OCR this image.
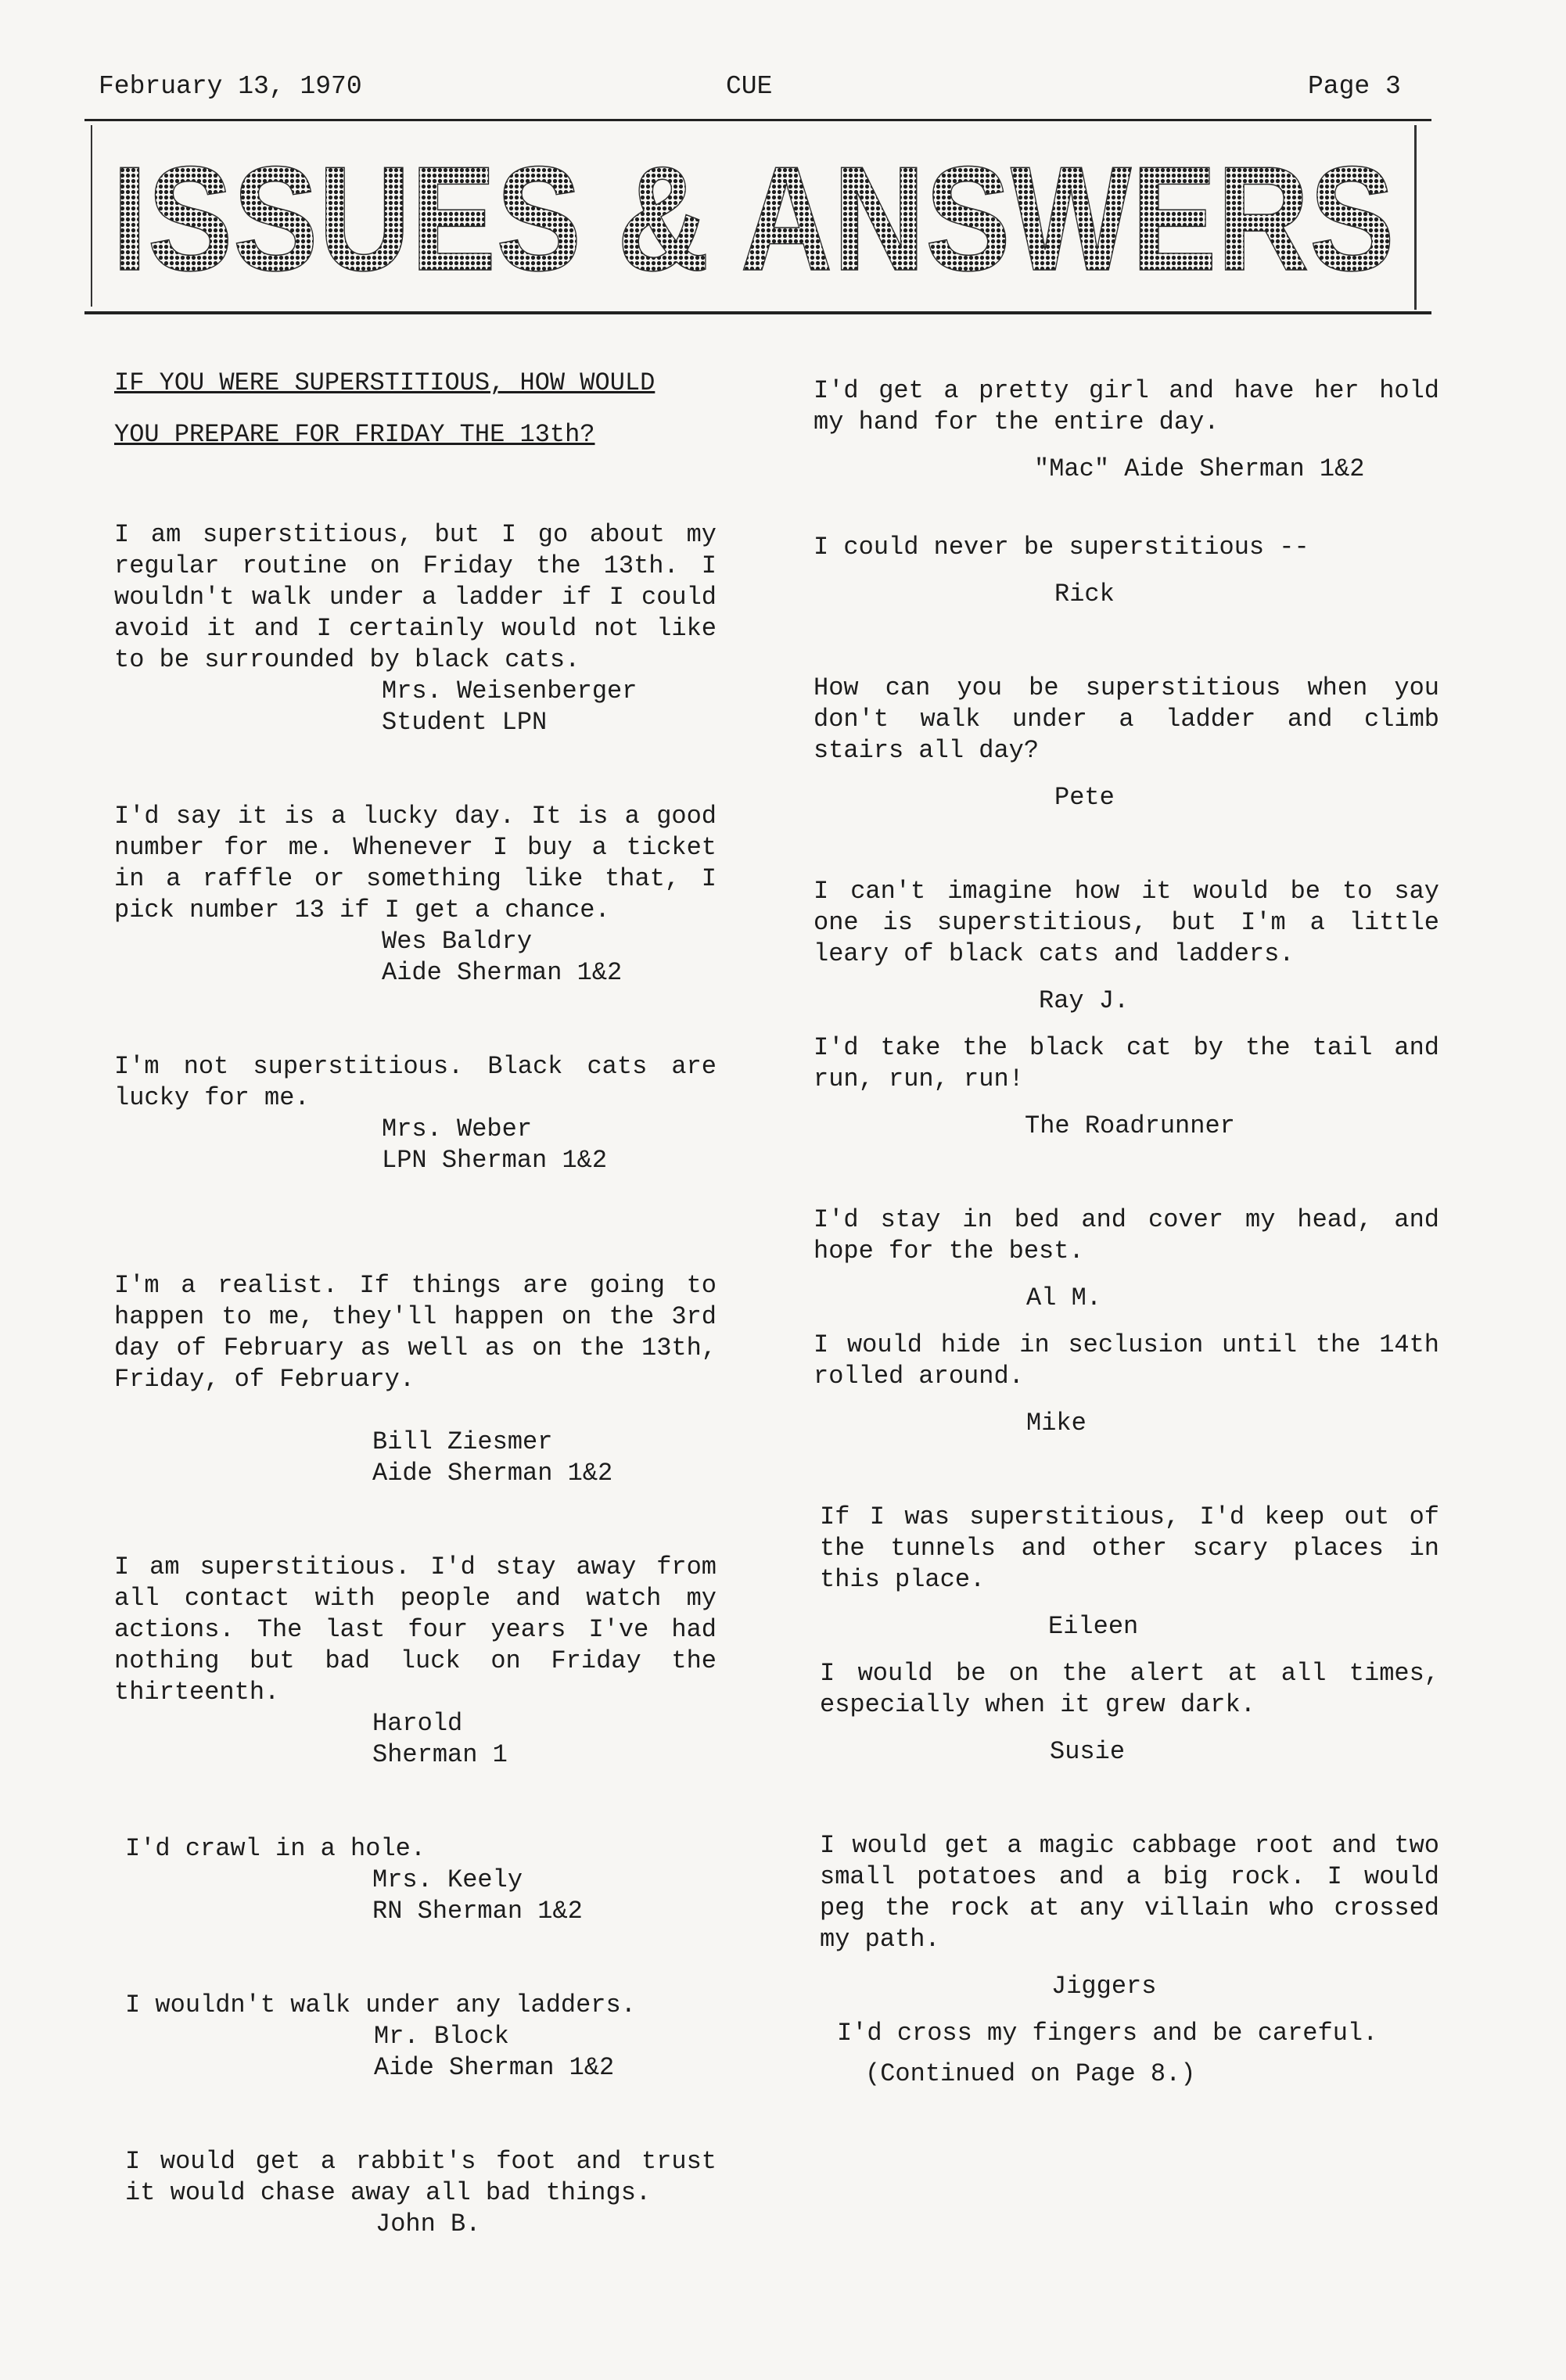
February 13, 1970	CUE	Page 3
ISSUES & ANSWERS

IF YOU WERE SUPERSTITIOUS, HOW WOULD

YOU PREPARE FOR FRIDAY THE 13th?

I am superstitious, but I go about my regular routine on Friday the 13th. I wouldn't walk under a ladder if I could avoid it and I certainly would not like to be surrounded by black cats.
Mrs. Weisenberger
Student LPN
I'd say it is a lucky day. It is a good number for me. Whenever I buy a ticket in a raffle or something like that, I pick number 13 if I get a chance.
Wes Baldry
Aide Sherman 1&2
I'm not superstitious. Black cats are lucky for me.
Mrs. Weber
LPN Sherman 1&2
I'm a realist. If things are going to happen to me, they'll happen on the 3rd day of February as well as on the 13th, Friday, of February.
Bill Ziesmer
Aide Sherman 1&2
I am superstitious. I'd stay away from all contact with people and watch my actions. The last four years I've had nothing but bad luck on Friday the thirteenth.
Harold
Sherman 1
I'd crawl in a hole.
Mrs. Keely
RN Sherman 1&2
I wouldn't walk under any ladders.
Mr. Block
Aide Sherman 1&2
I would get a rabbit's foot and trust it would chase away all bad things.
John B.
I'd get a pretty girl and have her hold my hand for the entire day.
"Mac" Aide Sherman 1&2
I could never be superstitious --
Rick
How can you be superstitious when you don't walk under a ladder and climb stairs all day?
Pete
I can't imagine how it would be to say one is superstitious, but I'm a little leary of black cats and ladders.
Ray J.
I'd take the black cat by the tail and run, run, run!
The Roadrunner
I'd stay in bed and cover my head, and hope for the best.
Al M.
I would hide in seclusion until the 14th rolled around.
Mike
If I was superstitious, I'd keep out of the tunnels and other scary places in this place.
Eileen
I would be on the alert at all times, especially when it grew dark.
Susie
I would get a magic cabbage root and two small potatoes and a big rock. I would peg the rock at any villain who crossed my path.
Jiggers
I'd cross my fingers and be careful.
(Continued on Page 8.)
